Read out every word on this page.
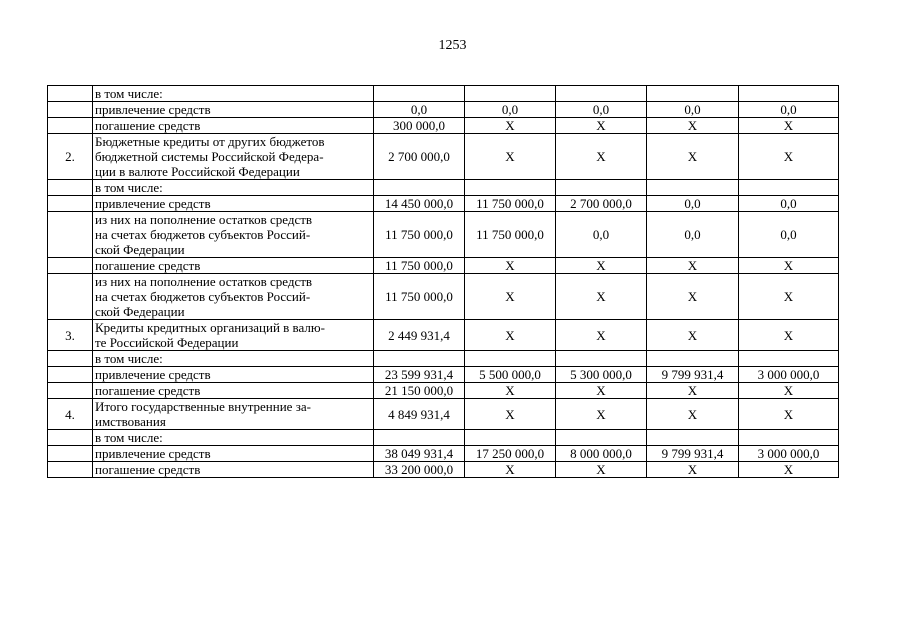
1253

	в том числе:					

	привлечение средств	0,0	0,0	0,0	0,0	0,0

	погашение средств	300 000,0	X	X	X	X
2.	Бюджетные кредиты от других бюджетов
бюджетной системы Российской Федера-
ции в валюте Российской Федерации	2 700 000,0	X	X	X	X

	в том числе:					

	привлечение средств	14 450 000,0	11 750 000,0	2 700 000,0	0,0	0,0

	из них на пополнение остатков средств
на счетах бюджетов субъектов Россий-
ской Федерации	11 750 000,0	11 750 000,0	0,0	0,0	0,0

	погашение средств	11 750 000,0	X	X	X	X

	из них на пополнение остатков средств
на счетах бюджетов субъектов Россий-
ской Федерации	11 750 000,0	X	X	X	X
3.	Кредиты кредитных организаций в валю-
те Российской Федерации	2 449 931,4	X	X	X	X

	в том числе:					

	привлечение средств	23 599 931,4	5 500 000,0	5 300 000,0	9 799 931,4	3 000 000,0

	погашение средств	21 150 000,0	X	X	X	X
4.	Итого государственные внутренние за-
имствования	4 849 931,4	X	X	X	X

	в том числе:					

	привлечение средств	38 049 931,4	17 250 000,0	8 000 000,0	9 799 931,4	3 000 000,0

	погашение средств	33 200 000,0	X	X	X	X
